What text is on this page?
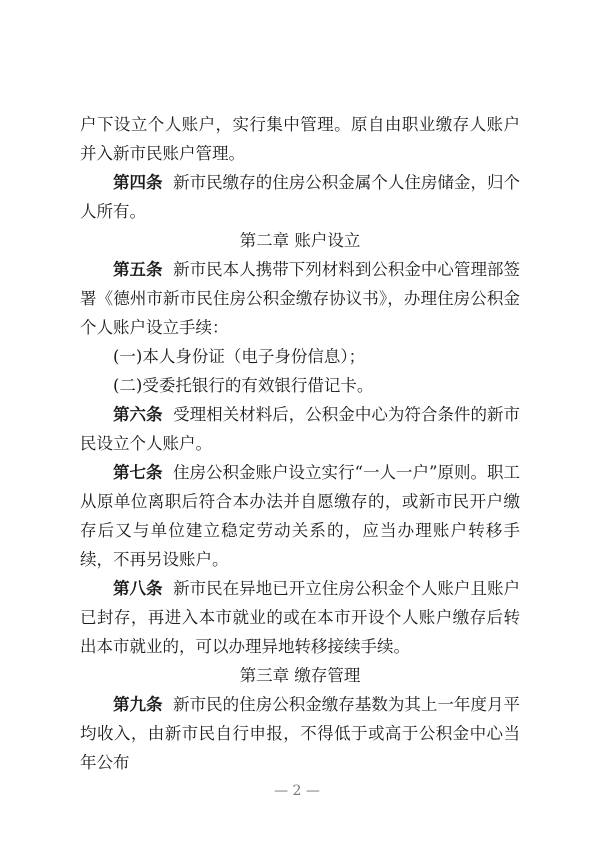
户下设立个人账户，实行集中管理。原自由职业缴存人账户并入新市民账户管理。

第四条 新市民缴存的住房公积金属个人住房储金，归个人所有。

第二章 账户设立

第五条 新市民本人携带下列材料到公积金中心管理部签署《德州市新市民住房公积金缴存协议书》，办理住房公积金个人账户设立手续：

(一)本人身份证（电子身份信息）；

(二)受委托银行的有效银行借记卡。

第六条 受理相关材料后，公积金中心为符合条件的新市民设立个人账户。

第七条 住房公积金账户设立实行“一人一户”原则。职工从原单位离职后符合本办法并自愿缴存的，或新市民开户缴存后又与单位建立稳定劳动关系的，应当办理账户转移手续，不再另设账户。

第八条 新市民在异地已开立住房公积金个人账户且账户已封存，再进入本市就业的或在本市开设个人账户缴存后转出本市就业的，可以办理异地转移接续手续。

第三章 缴存管理

第九条 新市民的住房公积金缴存基数为其上一年度月平均收入，由新市民自行申报，不得低于或高于公积金中心当年公布

— 2 —
